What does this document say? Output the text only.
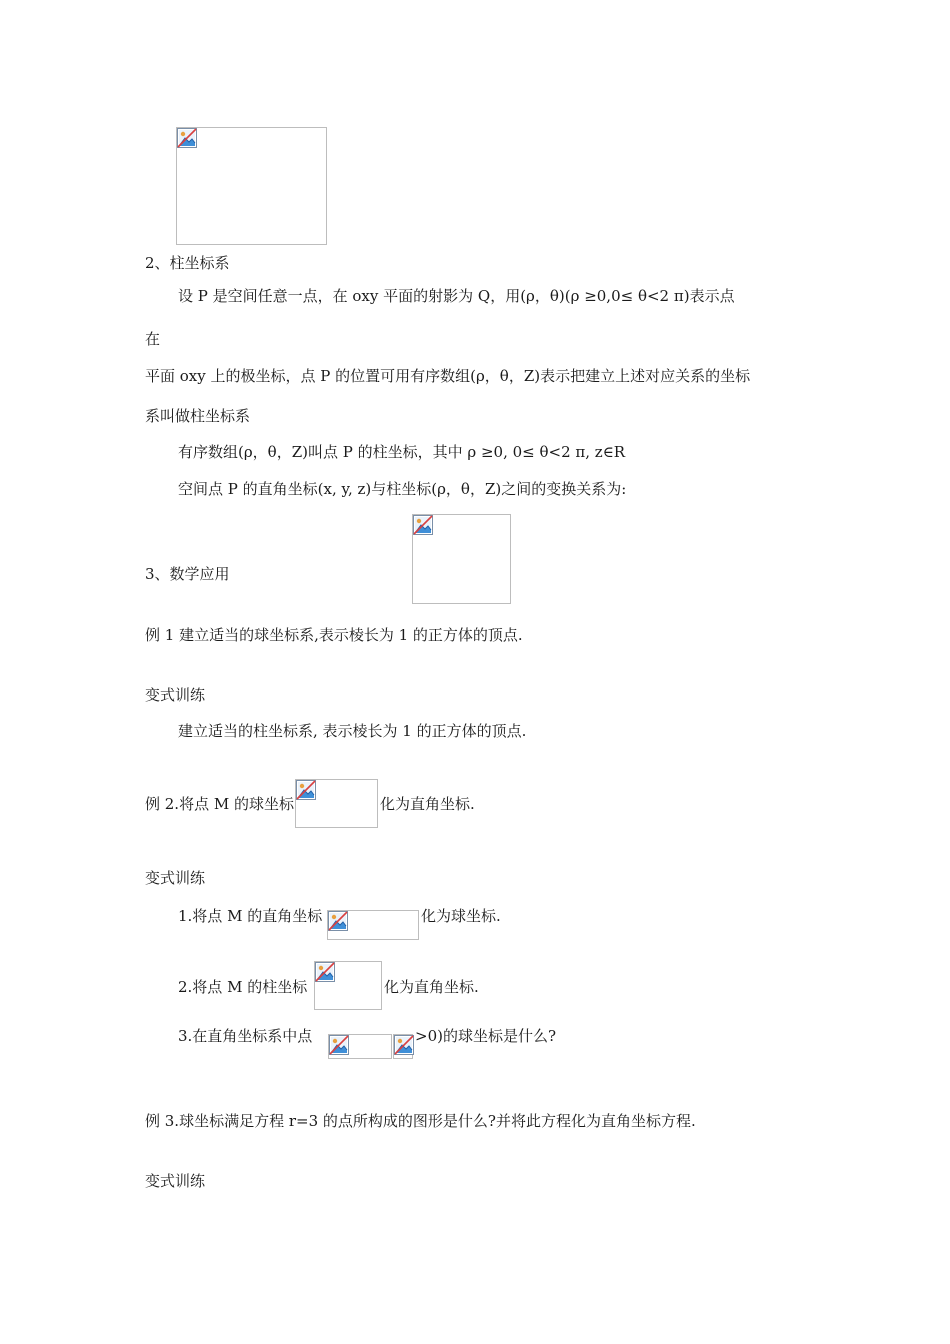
2、柱坐标系
设 P 是空间任意一点，在 oxy 平面的射影为 Q，用(ρ，θ)(ρ ≥0,0≤ θ<2 π)表示点
在
平面 oxy 上的极坐标，点 P 的位置可用有序数组(ρ，θ，Z)表示把建立上述对应关系的坐标
系叫做柱坐标系
有序数组(ρ，θ，Z)叫点 P 的柱坐标，其中 ρ ≥0, 0≤ θ<2 π, z∈R
空间点 P 的直角坐标(x, y, z)与柱坐标(ρ，θ，Z)之间的变换关系为:
3、数学应用
例 1 建立适当的球坐标系,表示棱长为 1 的正方体的顶点.
变式训练
建立适当的柱坐标系, 表示棱长为 1 的正方体的顶点.
例 2.将点 M 的球坐标	化为直角坐标.
变式训练
1.将点 M 的直角坐标	化为球坐标.
2.将点 M 的柱坐标	化为直角坐标.
3.在直角坐标系中点	>0)的球坐标是什么?
例 3.球坐标满足方程 r=3 的点所构成的图形是什么?并将此方程化为直角坐标方程.
变式训练
